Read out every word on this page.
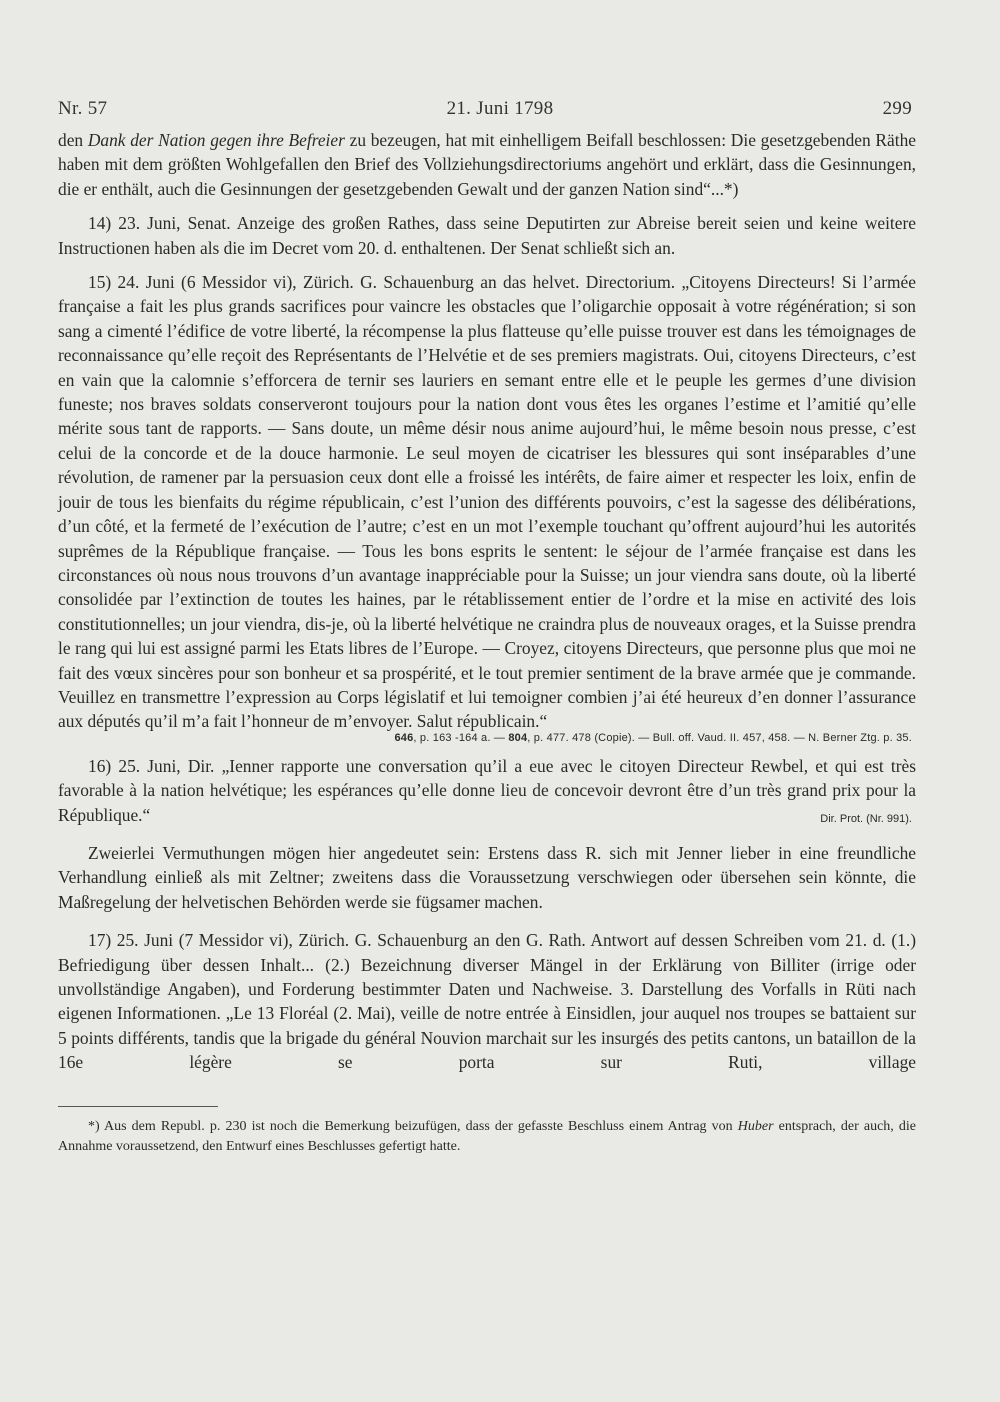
Nr. 57	21. Juni 1798	299

den Dank der Nation gegen ihre Befreier zu bezeugen, hat mit einhelligem Beifall beschlossen: Die gesetzgebenden Räthe haben mit dem größten Wohlgefallen den Brief des Vollziehungsdirectoriums angehört und erklärt, dass die Gesinnungen, die er enthält, auch die Gesinnungen der gesetzgebenden Gewalt und der ganzen Nation sind“...*)

14) 23. Juni, Senat. Anzeige des großen Rathes, dass seine Deputirten zur Abreise bereit seien und keine weitere Instructionen haben als die im Decret vom 20. d. enthaltenen. Der Senat schließt sich an.

15) 24. Juni (6 Messidor vi), Zürich. G. Schauenburg an das helvet. Directorium. „Citoyens Directeurs! Si l’armée française a fait les plus grands sacrifices pour vaincre les obstacles que l’oligarchie opposait à votre régénération; si son sang a cimenté l’édifice de votre liberté, la récompense la plus flatteuse qu’elle puisse trouver est dans les témoignages de reconnaissance qu’elle reçoit des Représentants de l’Helvétie et de ses premiers magistrats. Oui, citoyens Directeurs, c’est en vain que la calomnie s’efforcera de ternir ses lauriers en semant entre elle et le peuple les germes d’une division funeste; nos braves soldats conserveront toujours pour la nation dont vous êtes les organes l’estime et l’amitié qu’elle mérite sous tant de rapports. — Sans doute, un même désir nous anime aujourd’hui, le même besoin nous presse, c’est celui de la concorde et de la douce harmonie. Le seul moyen de cicatriser les blessures qui sont inséparables d’une révolution, de ramener par la persuasion ceux dont elle a froissé les intérêts, de faire aimer et respecter les loix, enfin de jouir de tous les bienfaits du régime républicain, c’est l’union des différents pouvoirs, c’est la sagesse des délibérations, d’un côté, et la fermeté de l’exécution de l’autre; c’est en un mot l’exemple touchant qu’offrent aujourd’hui les autorités suprêmes de la République française. — Tous les bons esprits le sentent: le séjour de l’armée française est dans les circonstances où nous nous trouvons d’un avantage inappréciable pour la Suisse; un jour viendra sans doute, où la liberté consolidée par l’extinction de toutes les haines, par le rétablissement entier de l’ordre et la mise en activité des lois constitutionnelles; un jour viendra, dis-je, où la liberté helvétique ne craindra plus de nouveaux orages, et la Suisse prendra le rang qui lui est assigné parmi les Etats libres de l’Europe. — Croyez, citoyens Directeurs, que personne plus que moi ne fait des vœux sincères pour son bonheur et sa prospérité, et le tout premier sentiment de la brave armée que je commande. Veuillez en transmettre l’expression au Corps législatif et lui temoigner combien j’ai été heureux d’en donner l’assurance aux députés qu’il m’a fait l’honneur de m’envoyer. Salut républicain.“

646, p. 163 -164 a. — 804, p. 477. 478 (Copie). — Bull. off. Vaud. II. 457, 458. — N. Berner Ztg. p. 35.

16) 25. Juni, Dir. „Ienner rapporte une conversation qu’il a eue avec le citoyen Directeur Rewbel, et qui est très favorable à la nation helvétique; les espérances qu’elle donne lieu de concevoir devront être d’un très grand prix pour la République.“	Dir. Prot. (Nr. 991).

Zweierlei Vermuthungen mögen hier angedeutet sein: Erstens dass R. sich mit Jenner lieber in eine freundliche Verhandlung einließ als mit Zeltner; zweitens dass die Voraussetzung verschwiegen oder übersehen sein könnte, die Maßregelung der helvetischen Behörden werde sie fügsamer machen.

17) 25. Juni (7 Messidor vi), Zürich. G. Schauenburg an den G. Rath. Antwort auf dessen Schreiben vom 21. d. (1.) Befriedigung über dessen Inhalt... (2.) Bezeichnung diverser Mängel in der Erklärung von Billiter (irrige oder unvollständige Angaben), und Forderung bestimmter Daten und Nachweise. 3. Darstellung des Vorfalls in Rüti nach eigenen Informationen. „Le 13 Floréal (2. Mai), veille de notre entrée à Einsidlen, jour auquel nos troupes se battaient sur 5 points différents, tandis que la brigade du général Nouvion marchait sur les insurgés des petits cantons, un bataillon de la 16e légère se porta sur Ruti, village

*) Aus dem Republ. p. 230 ist noch die Bemerkung beizufügen, dass der gefasste Beschluss einem Antrag von Huber entsprach, der auch, die Annahme voraussetzend, den Entwurf eines Beschlusses gefertigt hatte.
